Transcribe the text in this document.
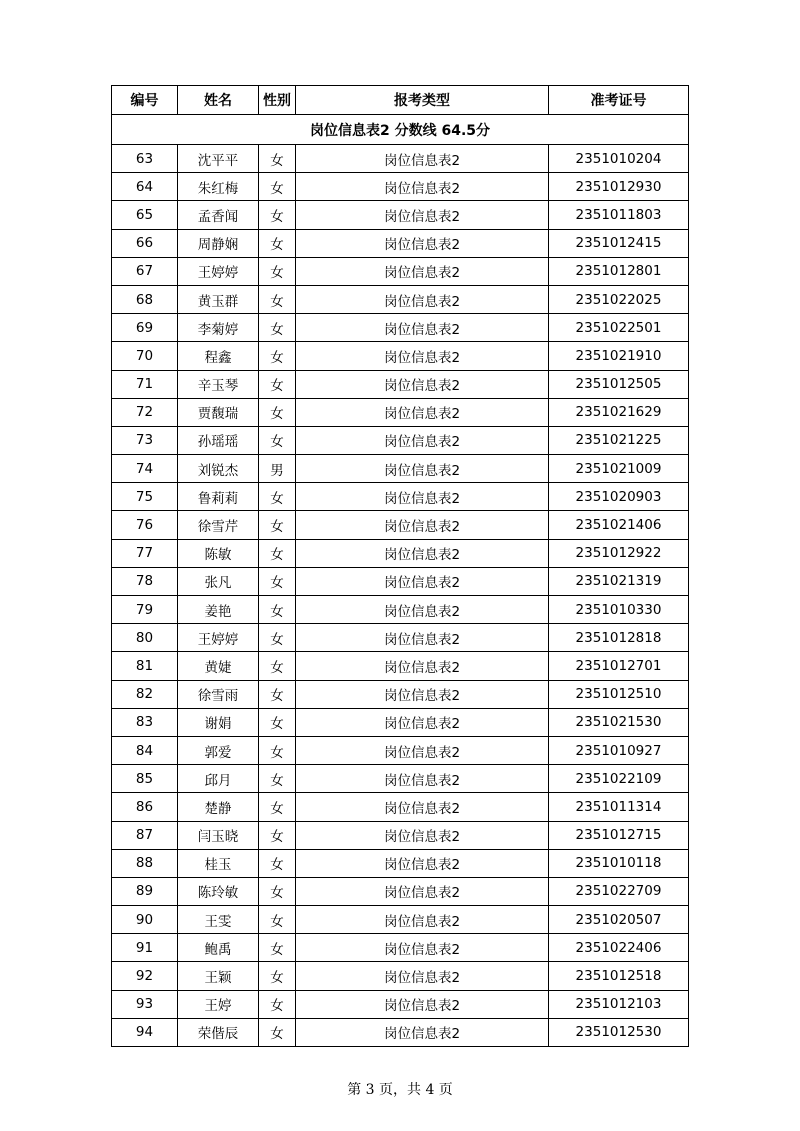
编号	姓名	性别	报考类型	准考证号
岗位信息表2 分数线 64.5分				
63	沈平平	女	岗位信息表2	2351010204
64	朱红梅	女	岗位信息表2	2351012930
65	孟香闻	女	岗位信息表2	2351011803
66	周静娴	女	岗位信息表2	2351012415
67	王婷婷	女	岗位信息表2	2351012801
68	黄玉群	女	岗位信息表2	2351022025
69	李菊婷	女	岗位信息表2	2351022501
70	程鑫	女	岗位信息表2	2351021910
71	辛玉琴	女	岗位信息表2	2351012505
72	贾馥瑞	女	岗位信息表2	2351021629
73	孙瑶瑶	女	岗位信息表2	2351021225
74	刘锐杰	男	岗位信息表2	2351021009
75	鲁莉莉	女	岗位信息表2	2351020903
76	徐雪芹	女	岗位信息表2	2351021406
77	陈敏	女	岗位信息表2	2351012922
78	张凡	女	岗位信息表2	2351021319
79	姜艳	女	岗位信息表2	2351010330
80	王婷婷	女	岗位信息表2	2351012818
81	黄婕	女	岗位信息表2	2351012701
82	徐雪雨	女	岗位信息表2	2351012510
83	谢娟	女	岗位信息表2	2351021530
84	郭爱	女	岗位信息表2	2351010927
85	邱月	女	岗位信息表2	2351022109
86	楚静	女	岗位信息表2	2351011314
87	闫玉晓	女	岗位信息表2	2351012715
88	桂玉	女	岗位信息表2	2351010118
89	陈玲敏	女	岗位信息表2	2351022709
90	王雯	女	岗位信息表2	2351020507
91	鲍禹	女	岗位信息表2	2351022406
92	王颖	女	岗位信息表2	2351012518
93	王婷	女	岗位信息表2	2351012103
94	荣偕辰	女	岗位信息表2	2351012530
第 3 页，共 4 页
